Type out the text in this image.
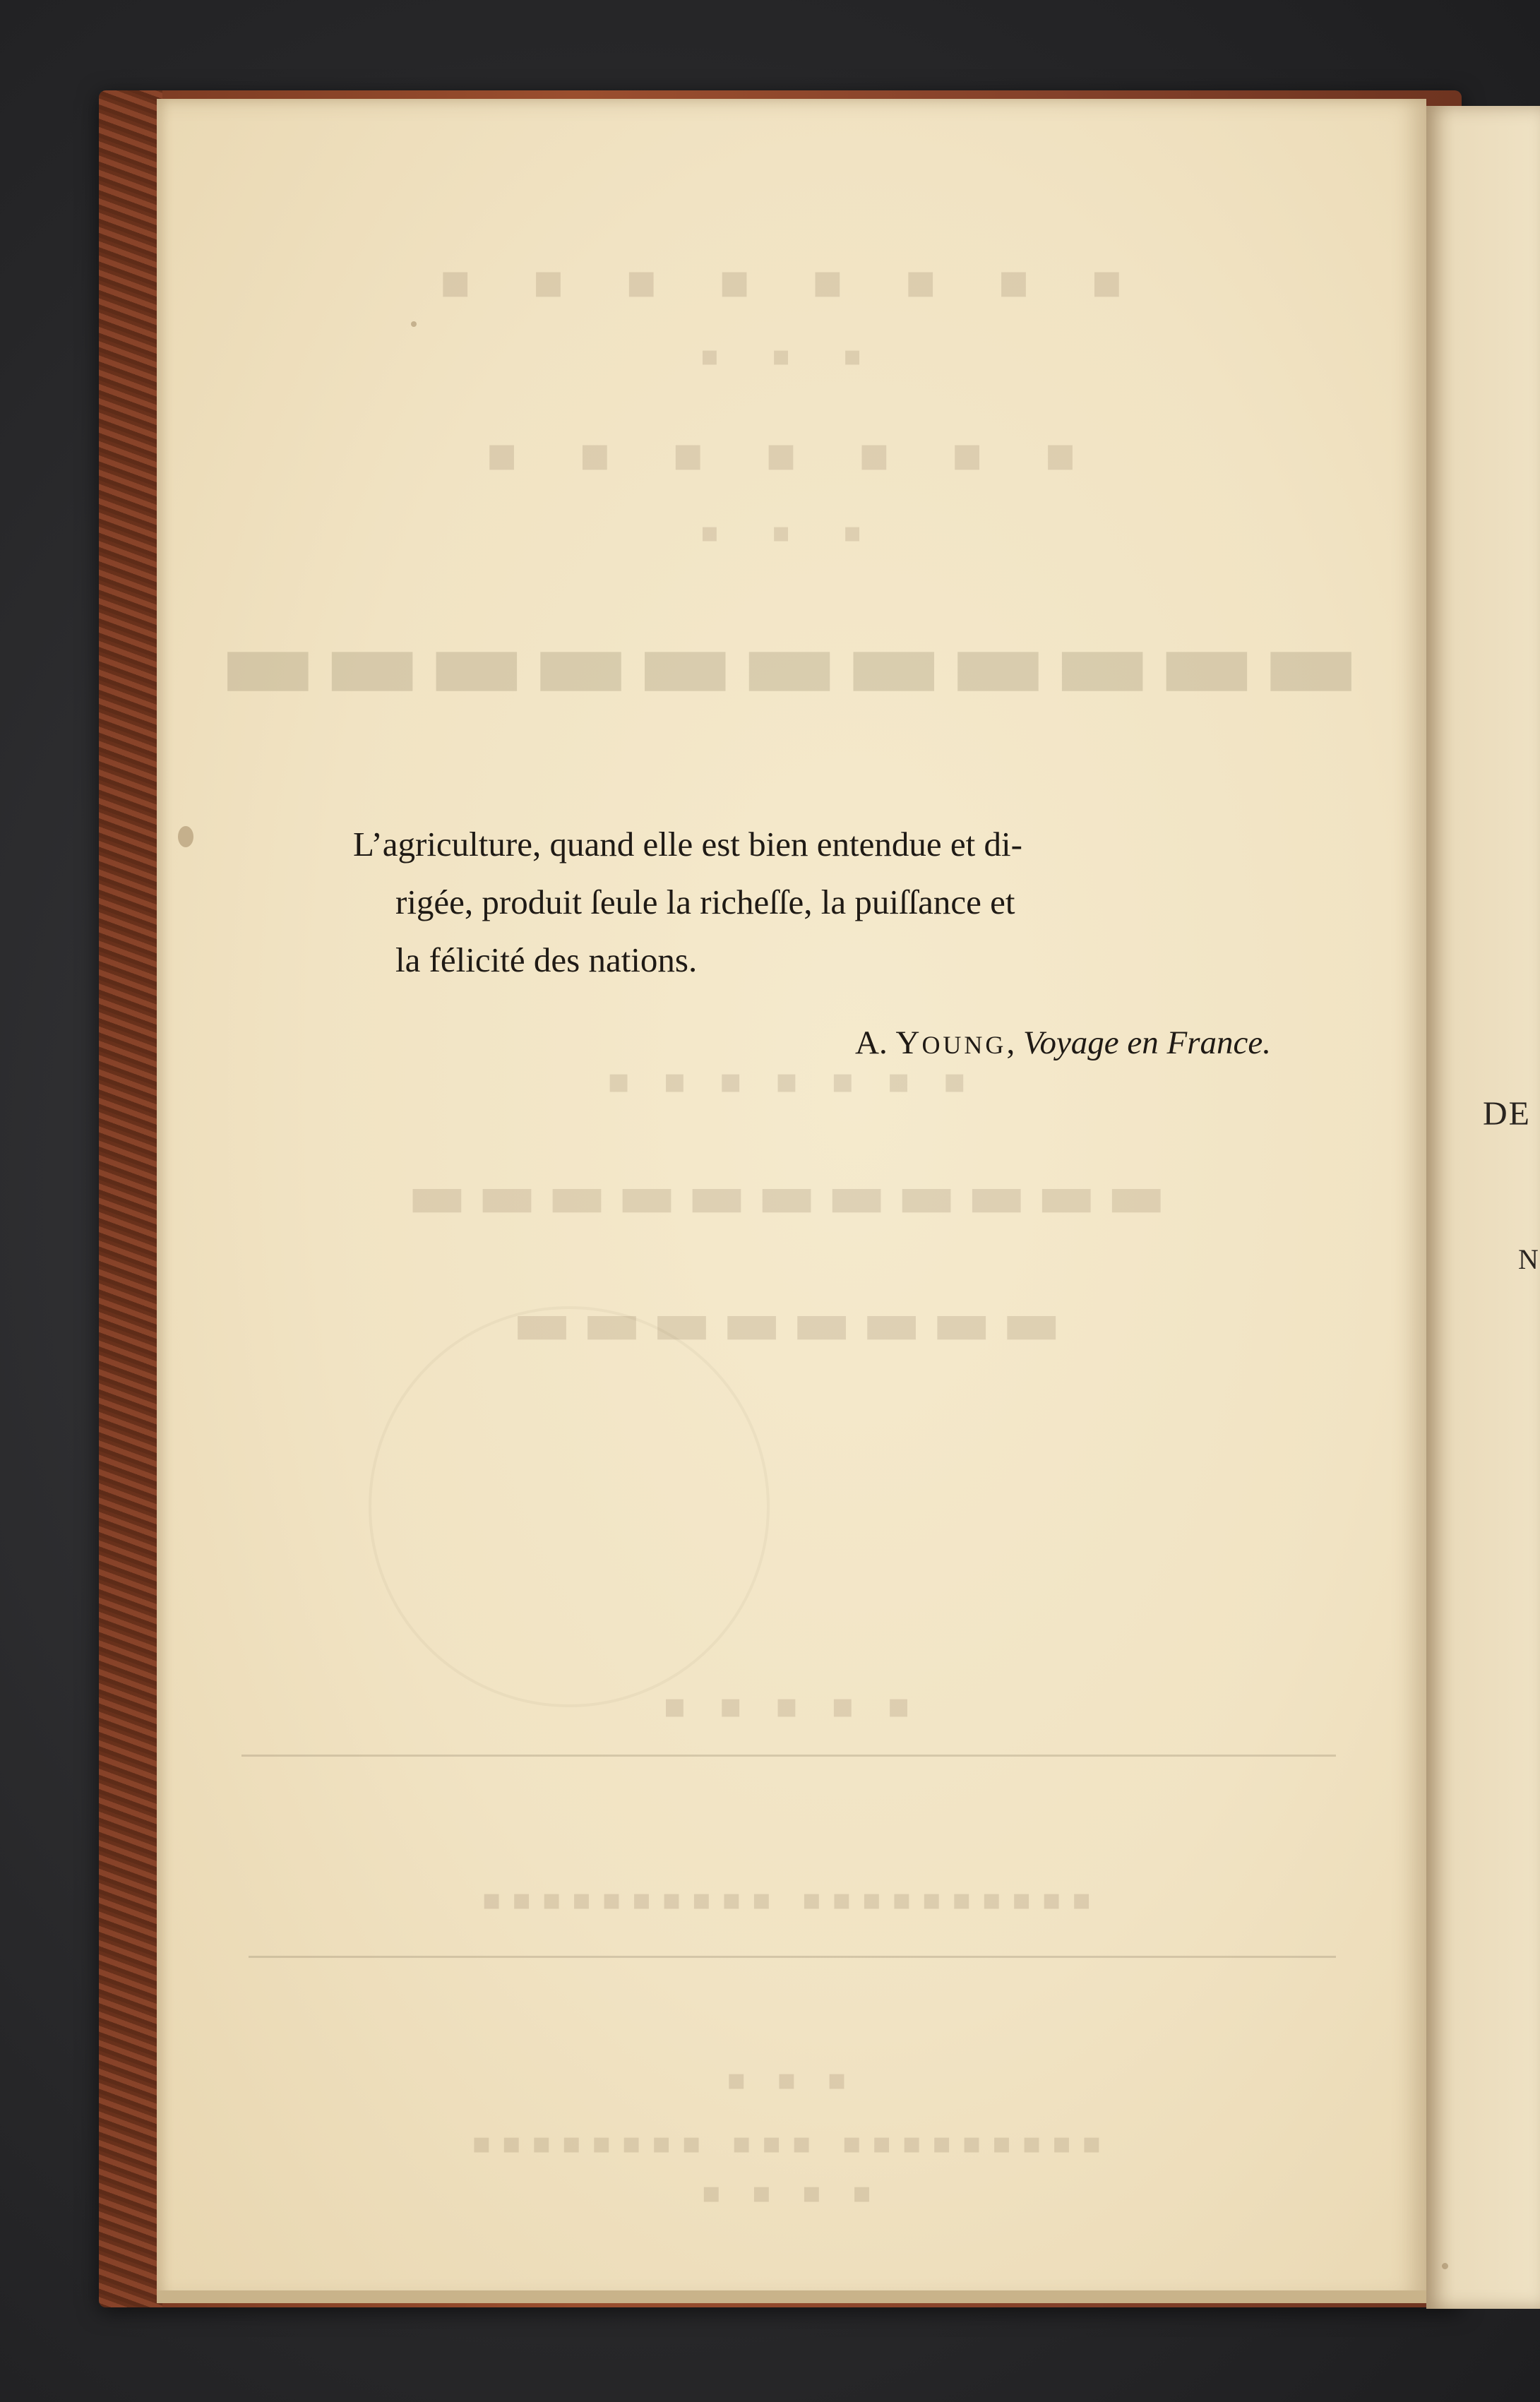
DE
N
▪ ▪ ▪ ▪ ▪ ▪ ▪ ▪
▪ ▪ ▪
▪ ▪ ▪ ▪ ▪ ▪ ▪
▪ ▪ ▪
▬▬▬▬▬▬▬▬▬▬▬
▪ ▪ ▪ ▪ ▪ ▪ ▪
▬▬▬▬▬▬▬▬▬▬▬
▬▬▬▬▬▬▬▬
▪ ▪ ▪ ▪ ▪
▪▪▪▪▪▪▪▪▪▪ ▪▪▪▪▪▪▪▪▪▪
▪ ▪ ▪
▪▪▪▪▪▪▪▪ ▪▪▪ ▪▪▪▪▪▪▪▪▪
▪ ▪ ▪ ▪
L’agriculture, quand elle est bien entendue et di-
rigée, produit ſeule la richeſſe, la puiſſance et
la félicité des nations.
A. YOUNG, Voyage en France.
